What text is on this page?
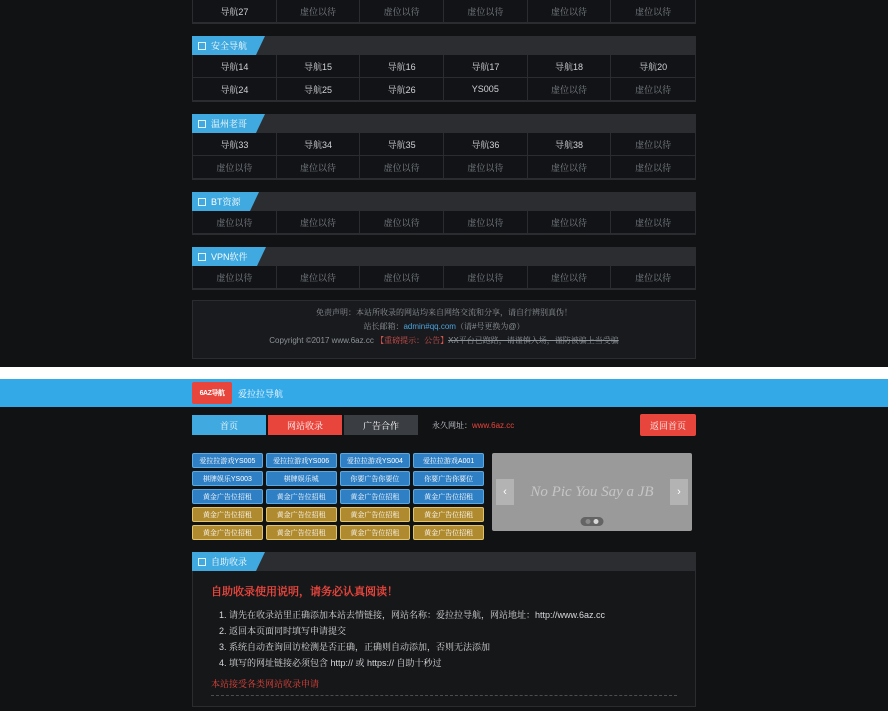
导航27	虚位以待	虚位以待	虚位以待	虚位以待	虚位以待
安全导航
导航14	导航15	导航16	导航17	导航18	导航20
导航24	导航25	导航26	YS005	虚位以待	虚位以待
温州老哥
导航33	导航34	导航35	导航36	导航38	虚位以待
虚位以待	虚位以待	虚位以待	虚位以待	虚位以待	虚位以待
BT资源
虚位以待	虚位以待	虚位以待	虚位以待	虚位以待	虚位以待
VPN软件
虚位以待	虚位以待	虚位以待	虚位以待	虚位以待	虚位以待

免责声明：本站所收录的网站均来自网络交流和分享，请自行辨别真伪！

站长邮箱：admin#qq.com（请#号更换为@）

Copyright ©2017 www.6az.cc 【重磅提示：公告】XX平台已跑路，请谨慎入场，谨防被骗上当受骗

6AZ导航	爱拉拉导航
首页	网站收录	广告合作	永久网址：www.6az.cc	返回首页
爱拉拉游戏YS005	爱拉拉游戏YS006	爱拉拉游戏YS004	爱拉拉游戏A001
棋牌娱乐YS003	棋牌娱乐城	你要广告你要位	你要广告你要位
黄金广告位招租	黄金广告位招租	黄金广告位招租	黄金广告位招租
黄金广告位招租	黄金广告位招租	黄金广告位招租	黄金广告位招租
黄金广告位招租	黄金广告位招租	黄金广告位招租	黄金广告位招租
No Pic You Say a JB
‹	›
自助收录

自助收录使用说明，请务必认真阅读！

1. 请先在收录站里正确添加本站去情链接，网站名称：爱拉拉导航，网站地址：http://www.6az.cc
2. 返回本页面同时填写申请提交
3. 系统自动查询回访检测是否正确，正确则自动添加，否则无法添加
4. 填写的网址链接必须包含 http:// 或 https:// 自助十秒过
本站接受各类网站收录申请
